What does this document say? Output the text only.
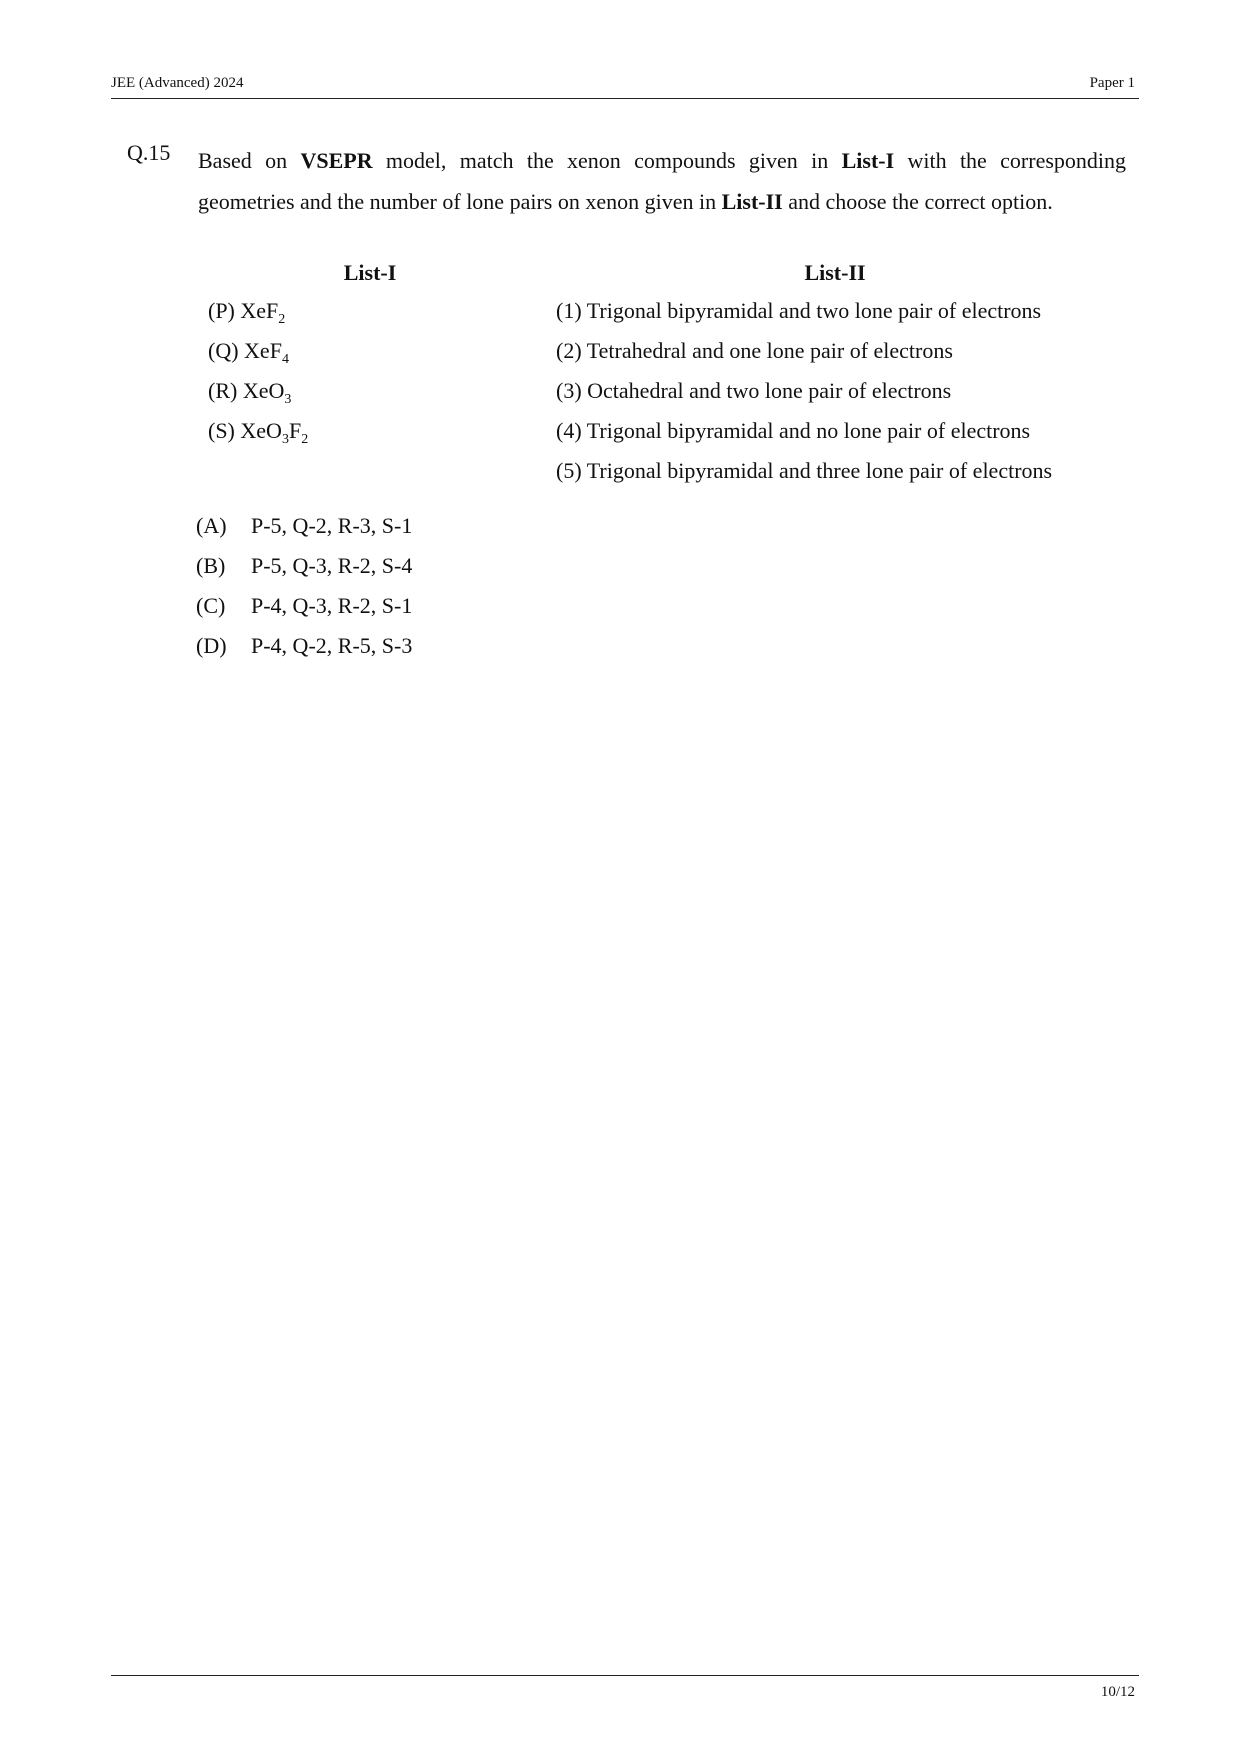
JEE (Advanced) 2024	Paper 1
Q.15 Based on VSEPR model, match the xenon compounds given in List-I with the corresponding geometries and the number of lone pairs on xenon given in List-II and choose the correct option.
List-I	List-II
(P) XeF$_2$
(Q) XeF$_4$
(R) XeO$_3$
(S) $XeO_3F_2$
(1) Trigonal bipyramidal and two lone pair of electrons
(2) Tetrahedral and one lone pair of electrons
(3) Octahedral and two lone pair of electrons
(4) Trigonal bipyramidal and no lone pair of electrons
(5) Trigonal bipyramidal and three lone pair of electrons
(A) P-5, Q-2, R-3, S-1
(B) P-5, Q-3, R-2, S-4
(C) P-4, Q-3, R-2, S-1
(D) P-4, Q-2, R-5, S-3
10/12
